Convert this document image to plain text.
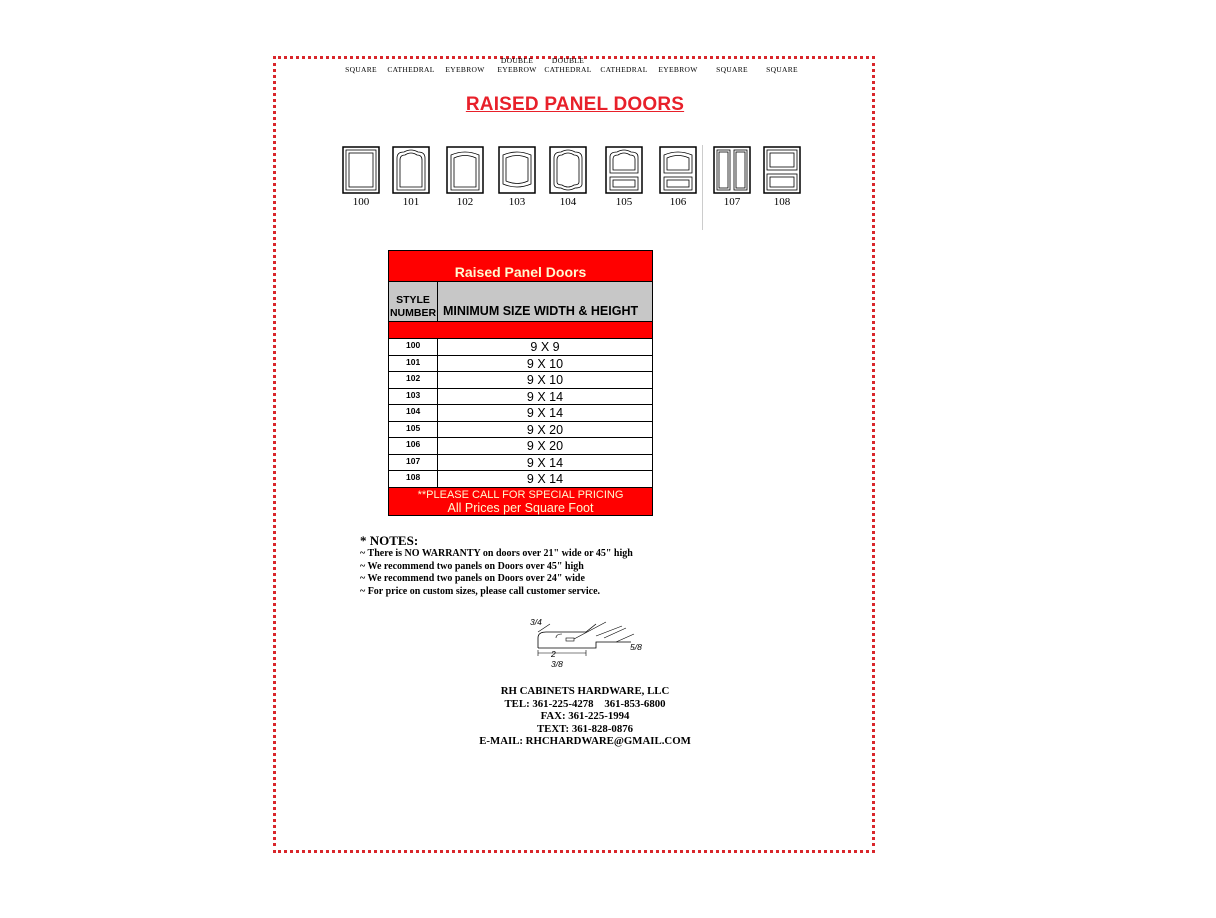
RAISED PANEL DOORS
SQUARE
100
CATHEDRAL
101
EYEBROW
102
DOUBLE EYEBROW
103
DOUBLE CATHEDRAL
104
CATHEDRAL
105
EYEBROW
106
SQUARE
107
SQUARE
108
Raised Panel Doors
STYLE NUMBER MINIMUM SIZE WIDTH & HEIGHT
100	9 X 9
101	9 X 10
102	9 X 10
103	9 X 14
104	9 X 14
105	9 X 20
106	9 X 20
107	9 X 14
108	9 X 14
**PLEASE CALL FOR SPECIAL PRICING
All Prices per Square Foot
* NOTES:
~ There is NO WARRANTY on doors over 21" wide or 45" high
~ We recommend two panels on Doors over 45" high
~ We recommend two panels on Doors over 24" wide
~ For price on custom sizes, please call customer service.
3/4
2 3/8
5/8
RH CABINETS HARDWARE, LLC
TEL: 361-225-4278    361-853-6800
FAX: 361-225-1994
TEXT: 361-828-0876
E-MAIL: RHCHARDWARE@GMAIL.COM
